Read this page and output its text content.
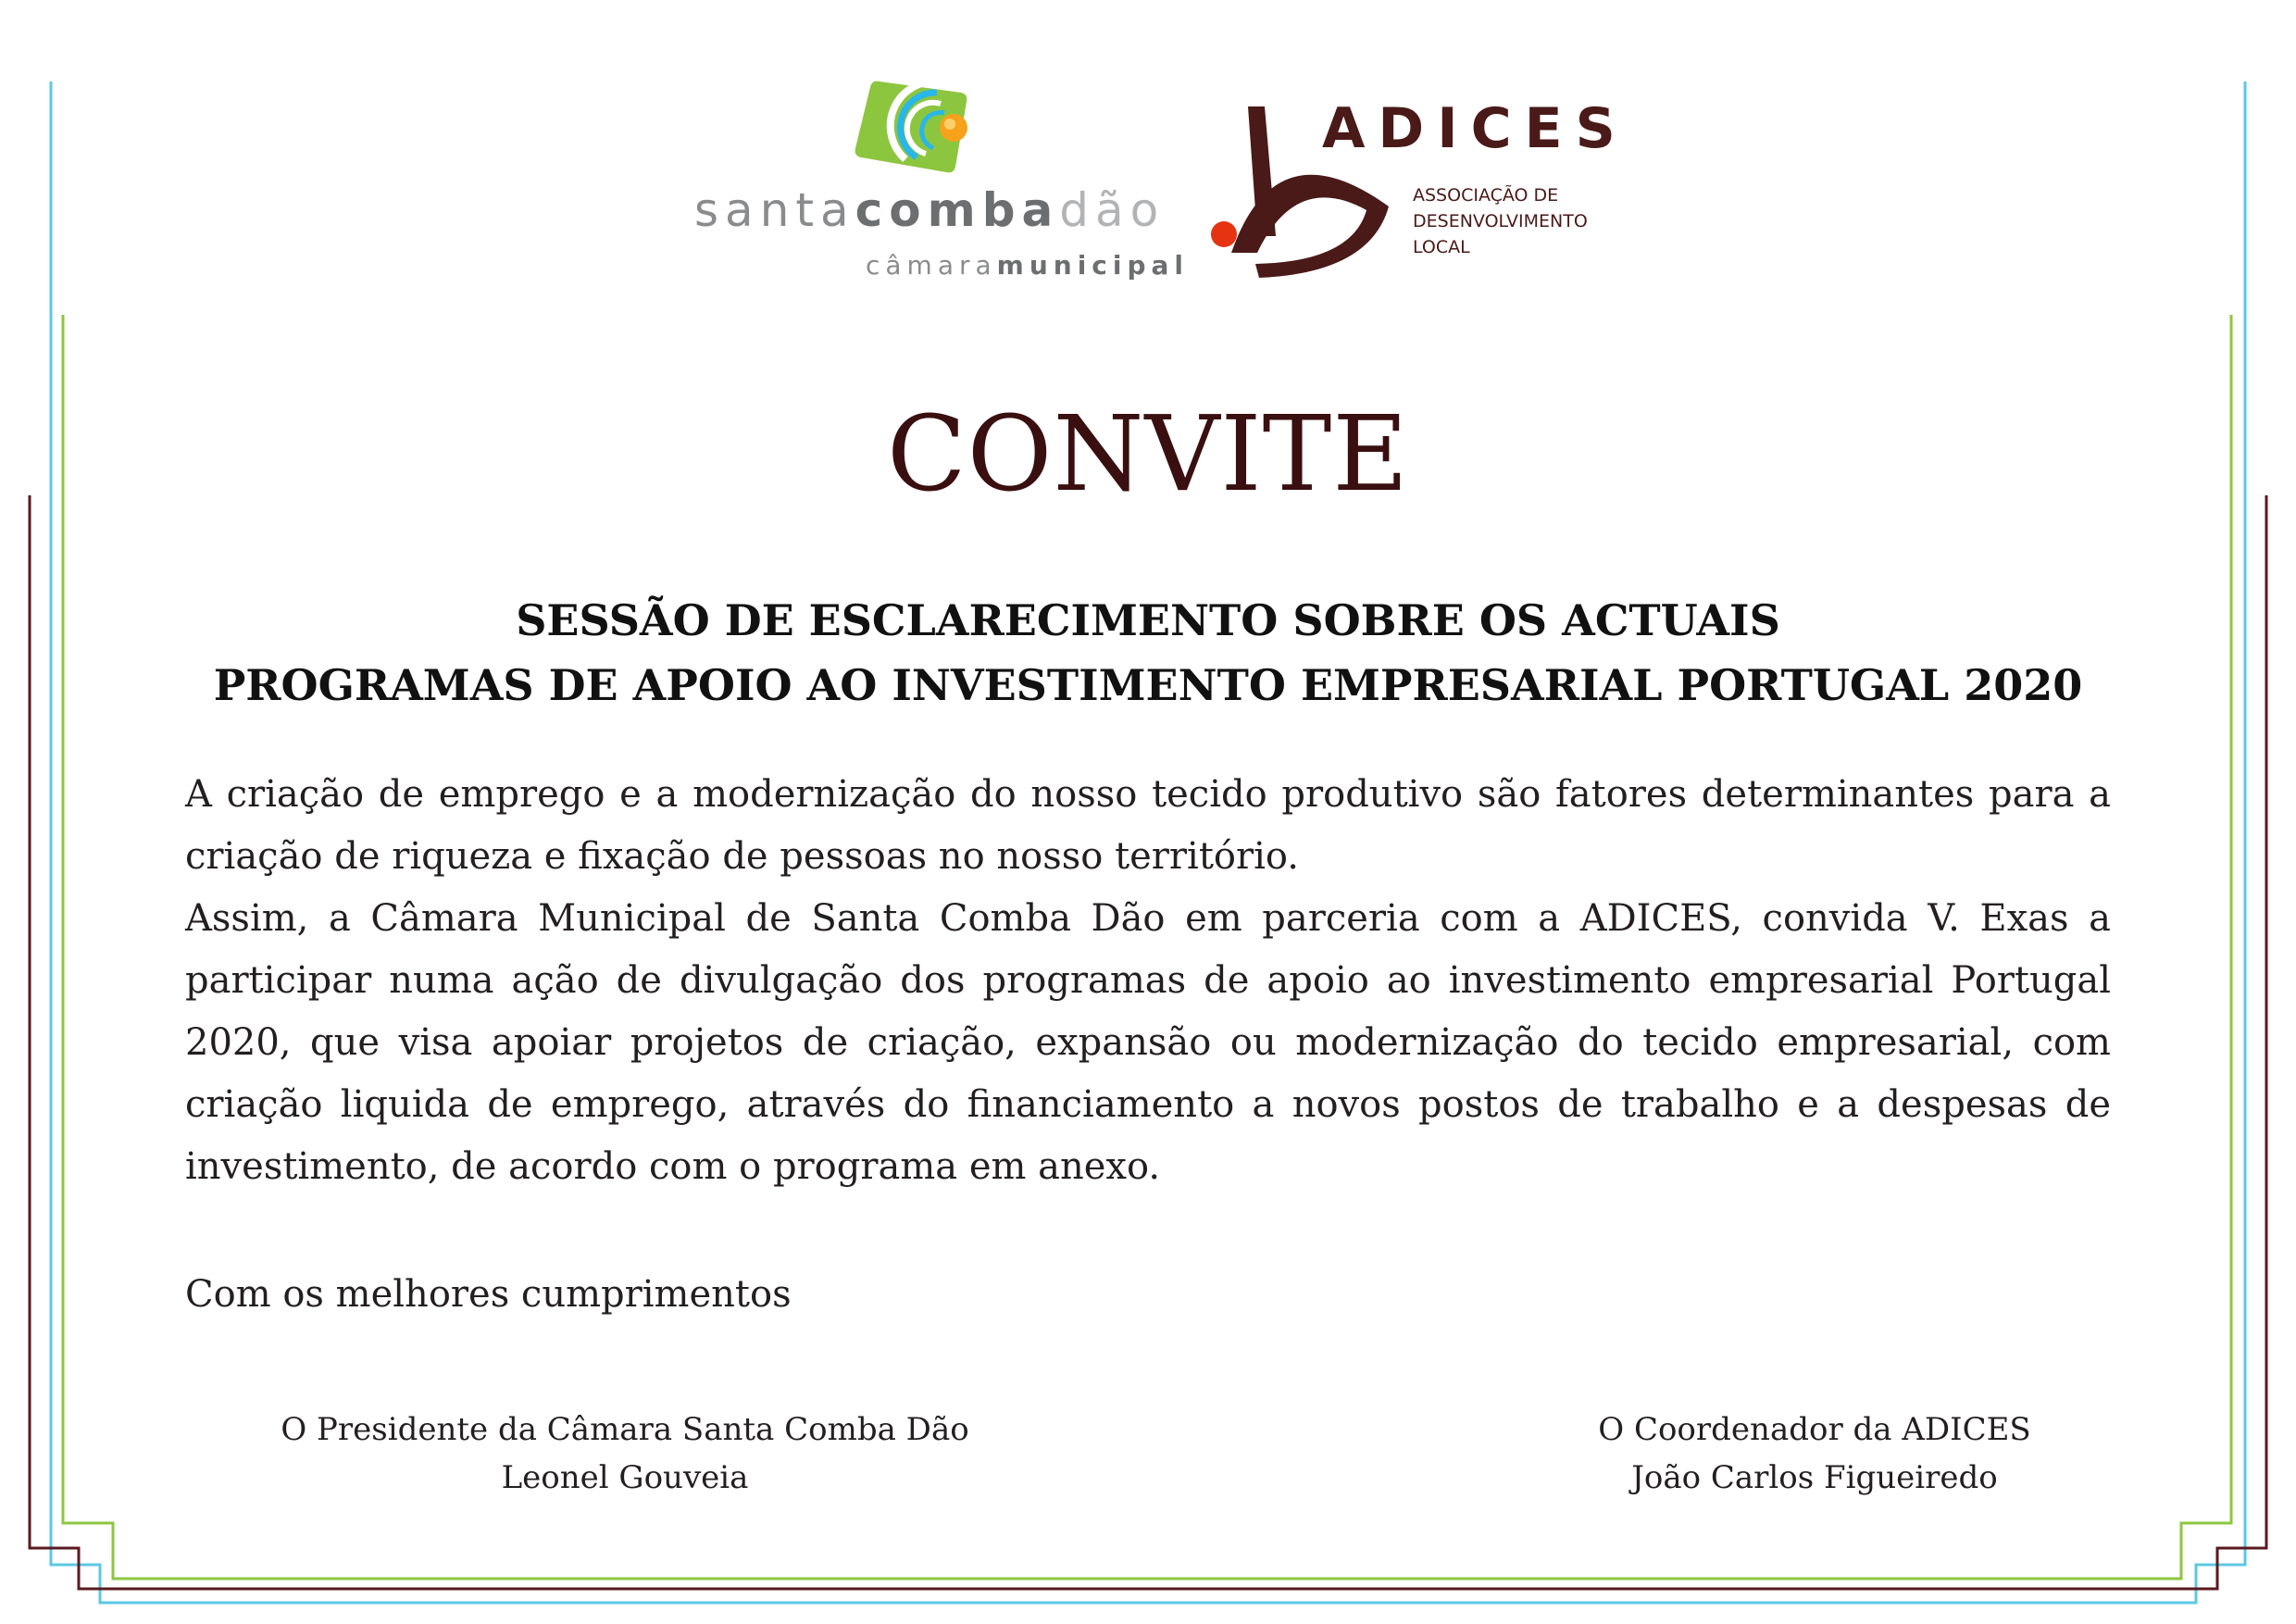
santacombadão
câmaramunicipal
ADICES
ASSOCIAÇÃO DE
DESENVOLVIMENTO
LOCAL
CONVITE
SESSÃO DE ESCLARECIMENTO SOBRE OS ACTUAIS
PROGRAMAS DE APOIO AO INVESTIMENTO EMPRESARIAL PORTUGAL 2020

A criação de emprego e a modernização do nosso tecido produtivo são fatores determinantes para a criação de riqueza e fixação de pessoas no nosso território.

Assim, a Câmara Municipal de Santa Comba Dão em parceria com a ADICES, convida V. Exas a participar numa ação de divulgação dos programas de apoio ao investimento empresarial Portugal 2020, que visa apoiar projetos de criação, expansão ou modernização do tecido empresarial, com criação liquida de emprego, através do financiamento a novos postos de trabalho e a despesas de investimento, de acordo com o programa em anexo.

Com os melhores cumprimentos
O Presidente da Câmara Santa Comba Dão
Leonel Gouveia
O Coordenador da ADICES
João Carlos Figueiredo
